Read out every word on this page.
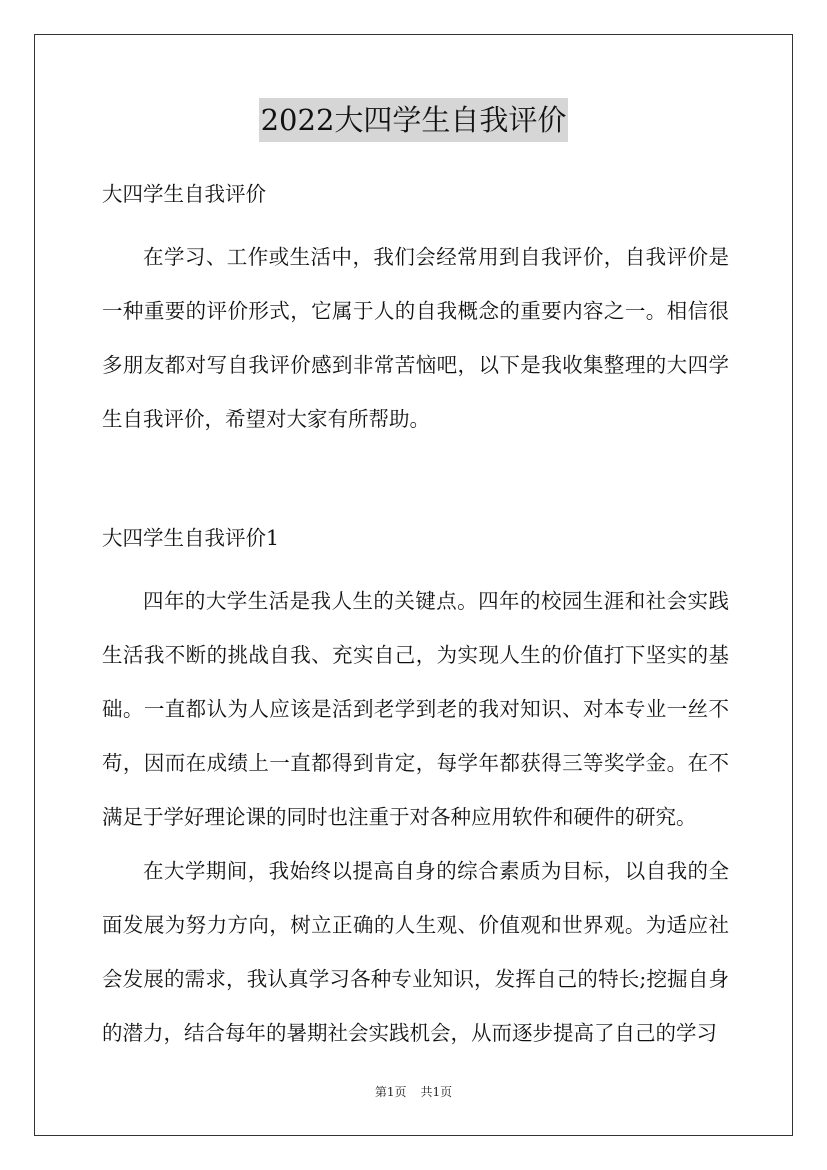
2022大四学生自我评价

大四学生自我评价

在学习、工作或生活中，我们会经常用到自我评价，自我评价是一种重要的评价形式，它属于人的自我概念的重要内容之一。相信很多朋友都对写自我评价感到非常苦恼吧，以下是我收集整理的大四学生自我评价，希望对大家有所帮助。

大四学生自我评价1

四年的大学生活是我人生的关键点。四年的校园生涯和社会实践生活我不断的挑战自我、充实自己，为实现人生的价值打下坚实的基础。一直都认为人应该是活到老学到老的我对知识、对本专业一丝不苟，因而在成绩上一直都得到肯定，每学年都获得三等奖学金。在不满足于学好理论课的同时也注重于对各种应用软件和硬件的研究。

在大学期间，我始终以提高自身的综合素质为目标，以自我的全面发展为努力方向，树立正确的人生观、价值观和世界观。为适应社会发展的需求，我认真学习各种专业知识，发挥自己的特长;挖掘自身的潜力，结合每年的暑期社会实践机会，从而逐步提高了自己的学习

第1页 共1页
